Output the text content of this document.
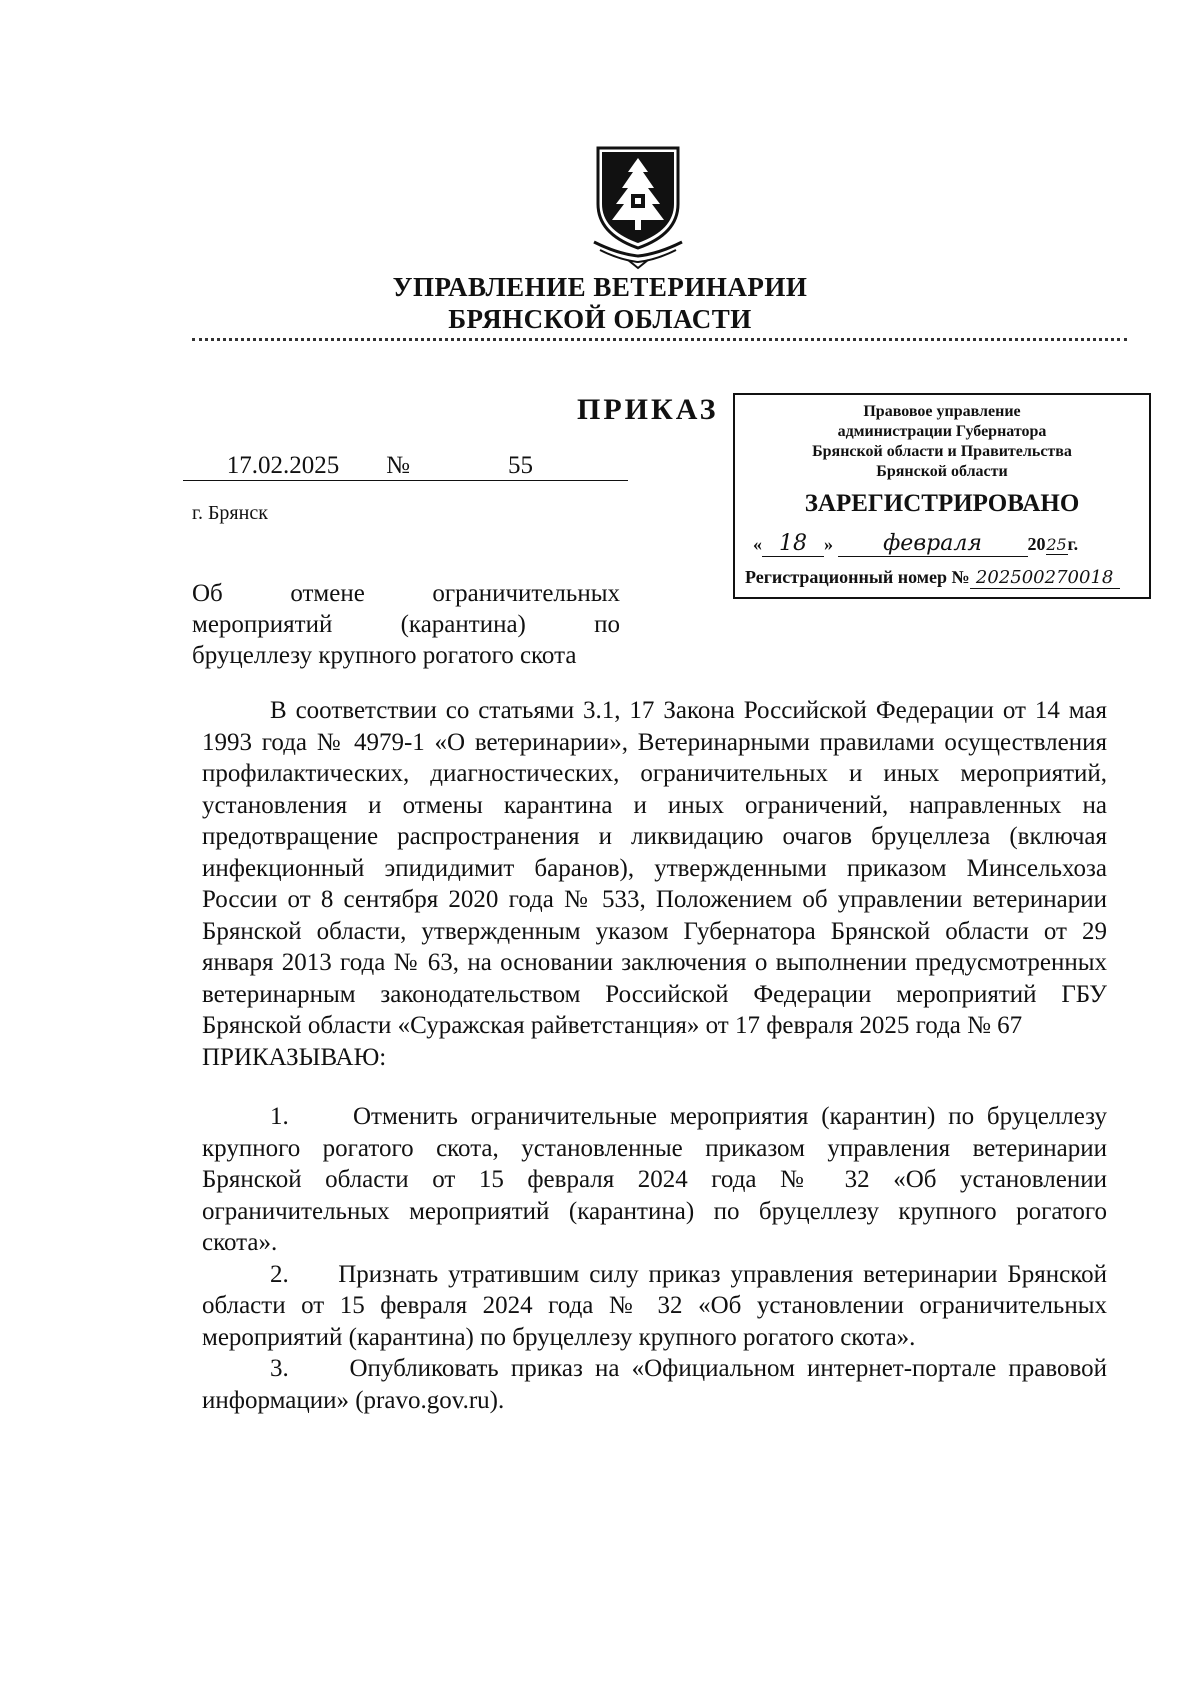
УПРАВЛЕНИЕ ВЕТЕРИНАРИИ
БРЯНСКОЙ ОБЛАСТИ
ПРИКАЗ
17.02.2025 №	55
г. Брянск
Правовое управление
администрации Губернатора
Брянской области и Правительства
Брянской области
ЗАРЕГИСТРИРОВАНО
« 18 » февраля	2025г.
Регистрационный номер № 202500270018
Об отмене ограничительных
мероприятий (карантина) по
бруцеллезу крупного рогатого скота

В соответствии со статьями 3.1, 17 Закона Российской Федерации от 14 мая 1993 года № 4979-1 «О ветеринарии», Ветеринарными правилами осуществления профилактических, диагностических, ограничительных и иных мероприятий, установления и отмены карантина и иных ограничений, направленных на предотвращение распространения и ликвидацию очагов бруцеллеза (включая инфекционный эпидидимит баранов), утвержденными приказом Минсельхоза России от 8 сентября 2020 года № 533, Положением об управлении ветеринарии Брянской области, утвержденным указом Губернатора Брянской области от 29 января 2013 года № 63, на основании заключения о выполнении предусмотренных ветеринарным законодательством Российской Федерации мероприятий ГБУ Брянской области «Суражская райветстанция» от 17 февраля 2025 года № 67

ПРИКАЗЫВАЮ:

1.     Отменить ограничительные мероприятия (карантин) по бруцеллезу крупного рогатого скота, установленные приказом управления ветеринарии Брянской области от 15 февраля 2024 года № 32 «Об установлении ограничительных мероприятий (карантина) по бруцеллезу крупного рогатого скота».

2.     Признать утратившим силу приказ управления ветеринарии Брянской области от 15 февраля 2024 года № 32 «Об установлении ограничительных мероприятий (карантина) по бруцеллезу крупного рогатого скота».

3.     Опубликовать приказ на «Официальном интернет-портале правовой информации» (pravo.gov.ru).
